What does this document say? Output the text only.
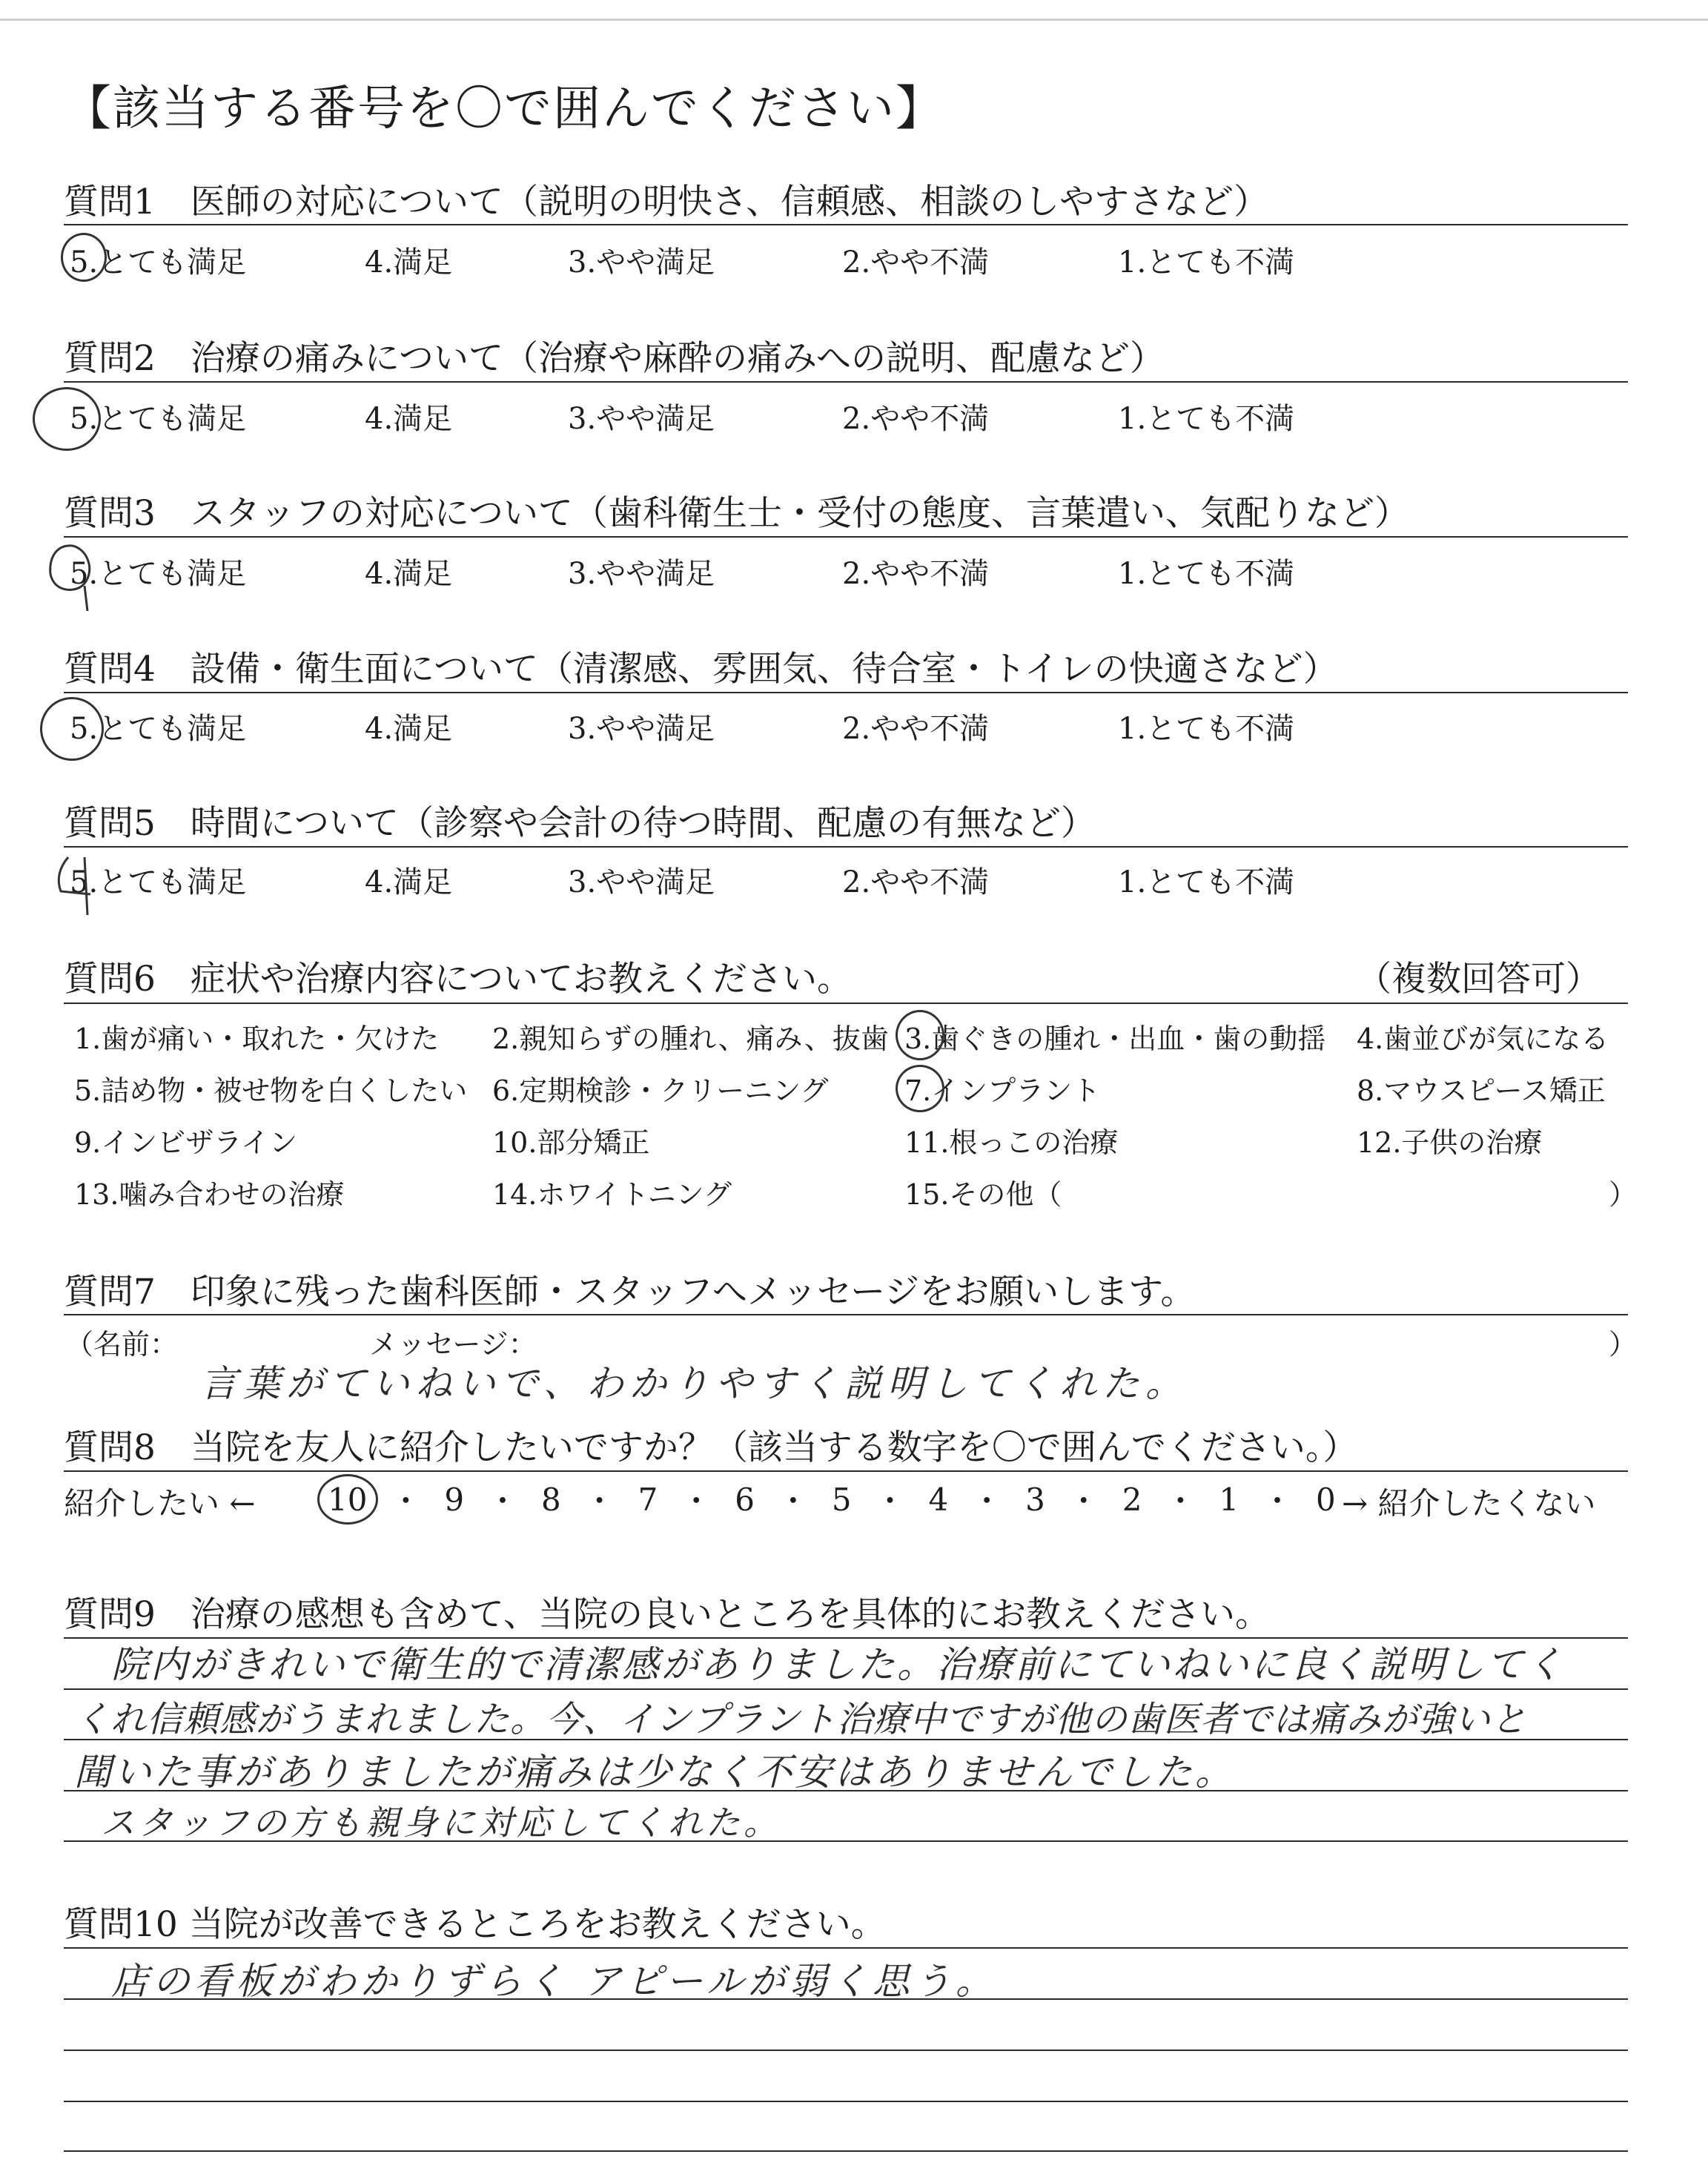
【該当する番号を〇で囲んでください】
質問1　医師の対応について（説明の明快さ、信頼感、相談のしやすさなど）
5.とても満足	4.満足	3.やや満足	2.やや不満	1.とても不満
質問2　治療の痛みについて（治療や麻酔の痛みへの説明、配慮など）
5.とても満足	4.満足	3.やや満足	2.やや不満	1.とても不満
質問3　スタッフの対応について（歯科衛生士・受付の態度、言葉遣い、気配りなど）
5.とても満足	4.満足	3.やや満足	2.やや不満	1.とても不満
質問4　設備・衛生面について（清潔感、雰囲気、待合室・トイレの快適さなど）
5.とても満足	4.満足	3.やや満足	2.やや不満	1.とても不満
質問5　時間について（診察や会計の待つ時間、配慮の有無など）
5.とても満足	4.満足	3.やや満足	2.やや不満	1.とても不満
質問6　症状や治療内容についてお教えください。	（複数回答可）
1.歯が痛い・取れた・欠けた 2.親知らずの腫れ、痛み、抜歯 3.歯ぐきの腫れ・出血・歯の動揺 4.歯並びが気になる
5.詰め物・被せ物を白くしたい 6.定期検診・クリーニング	7.インプラント	8.マウスピース矯正
9.インビザライン	10.部分矯正	11.根っこの治療	12.子供の治療
13.噛み合わせの治療	14.ホワイトニング	15.その他（	）
質問7　印象に残った歯科医師・スタッフへメッセージをお願いします。
（名前：	メッセージ：	）
言葉がていねいで、わかりやすく説明してくれた。
質問8　当院を友人に紹介したいですか？（該当する数字を〇で囲んでください。）
紹介したい ← 10 ・ 9 ・ 8 ・ 7 ・ 6 ・ 5 ・ 4 ・ 3 ・ 2 ・ 1 ・ 0 → 紹介したくない
質問9　治療の感想も含めて、当院の良いところを具体的にお教えください。
院内がきれいで衛生的で清潔感がありました。治療前にていねいに良く説明してく
くれ信頼感がうまれました。今、インプラント治療中ですが他の歯医者では痛みが強いと
聞いた事がありましたが痛みは少なく不安はありませんでした。
スタッフの方も親身に対応してくれた。
質問10 当院が改善できるところをお教えください。
店の看板がわかりずらく アピールが弱く思う。
